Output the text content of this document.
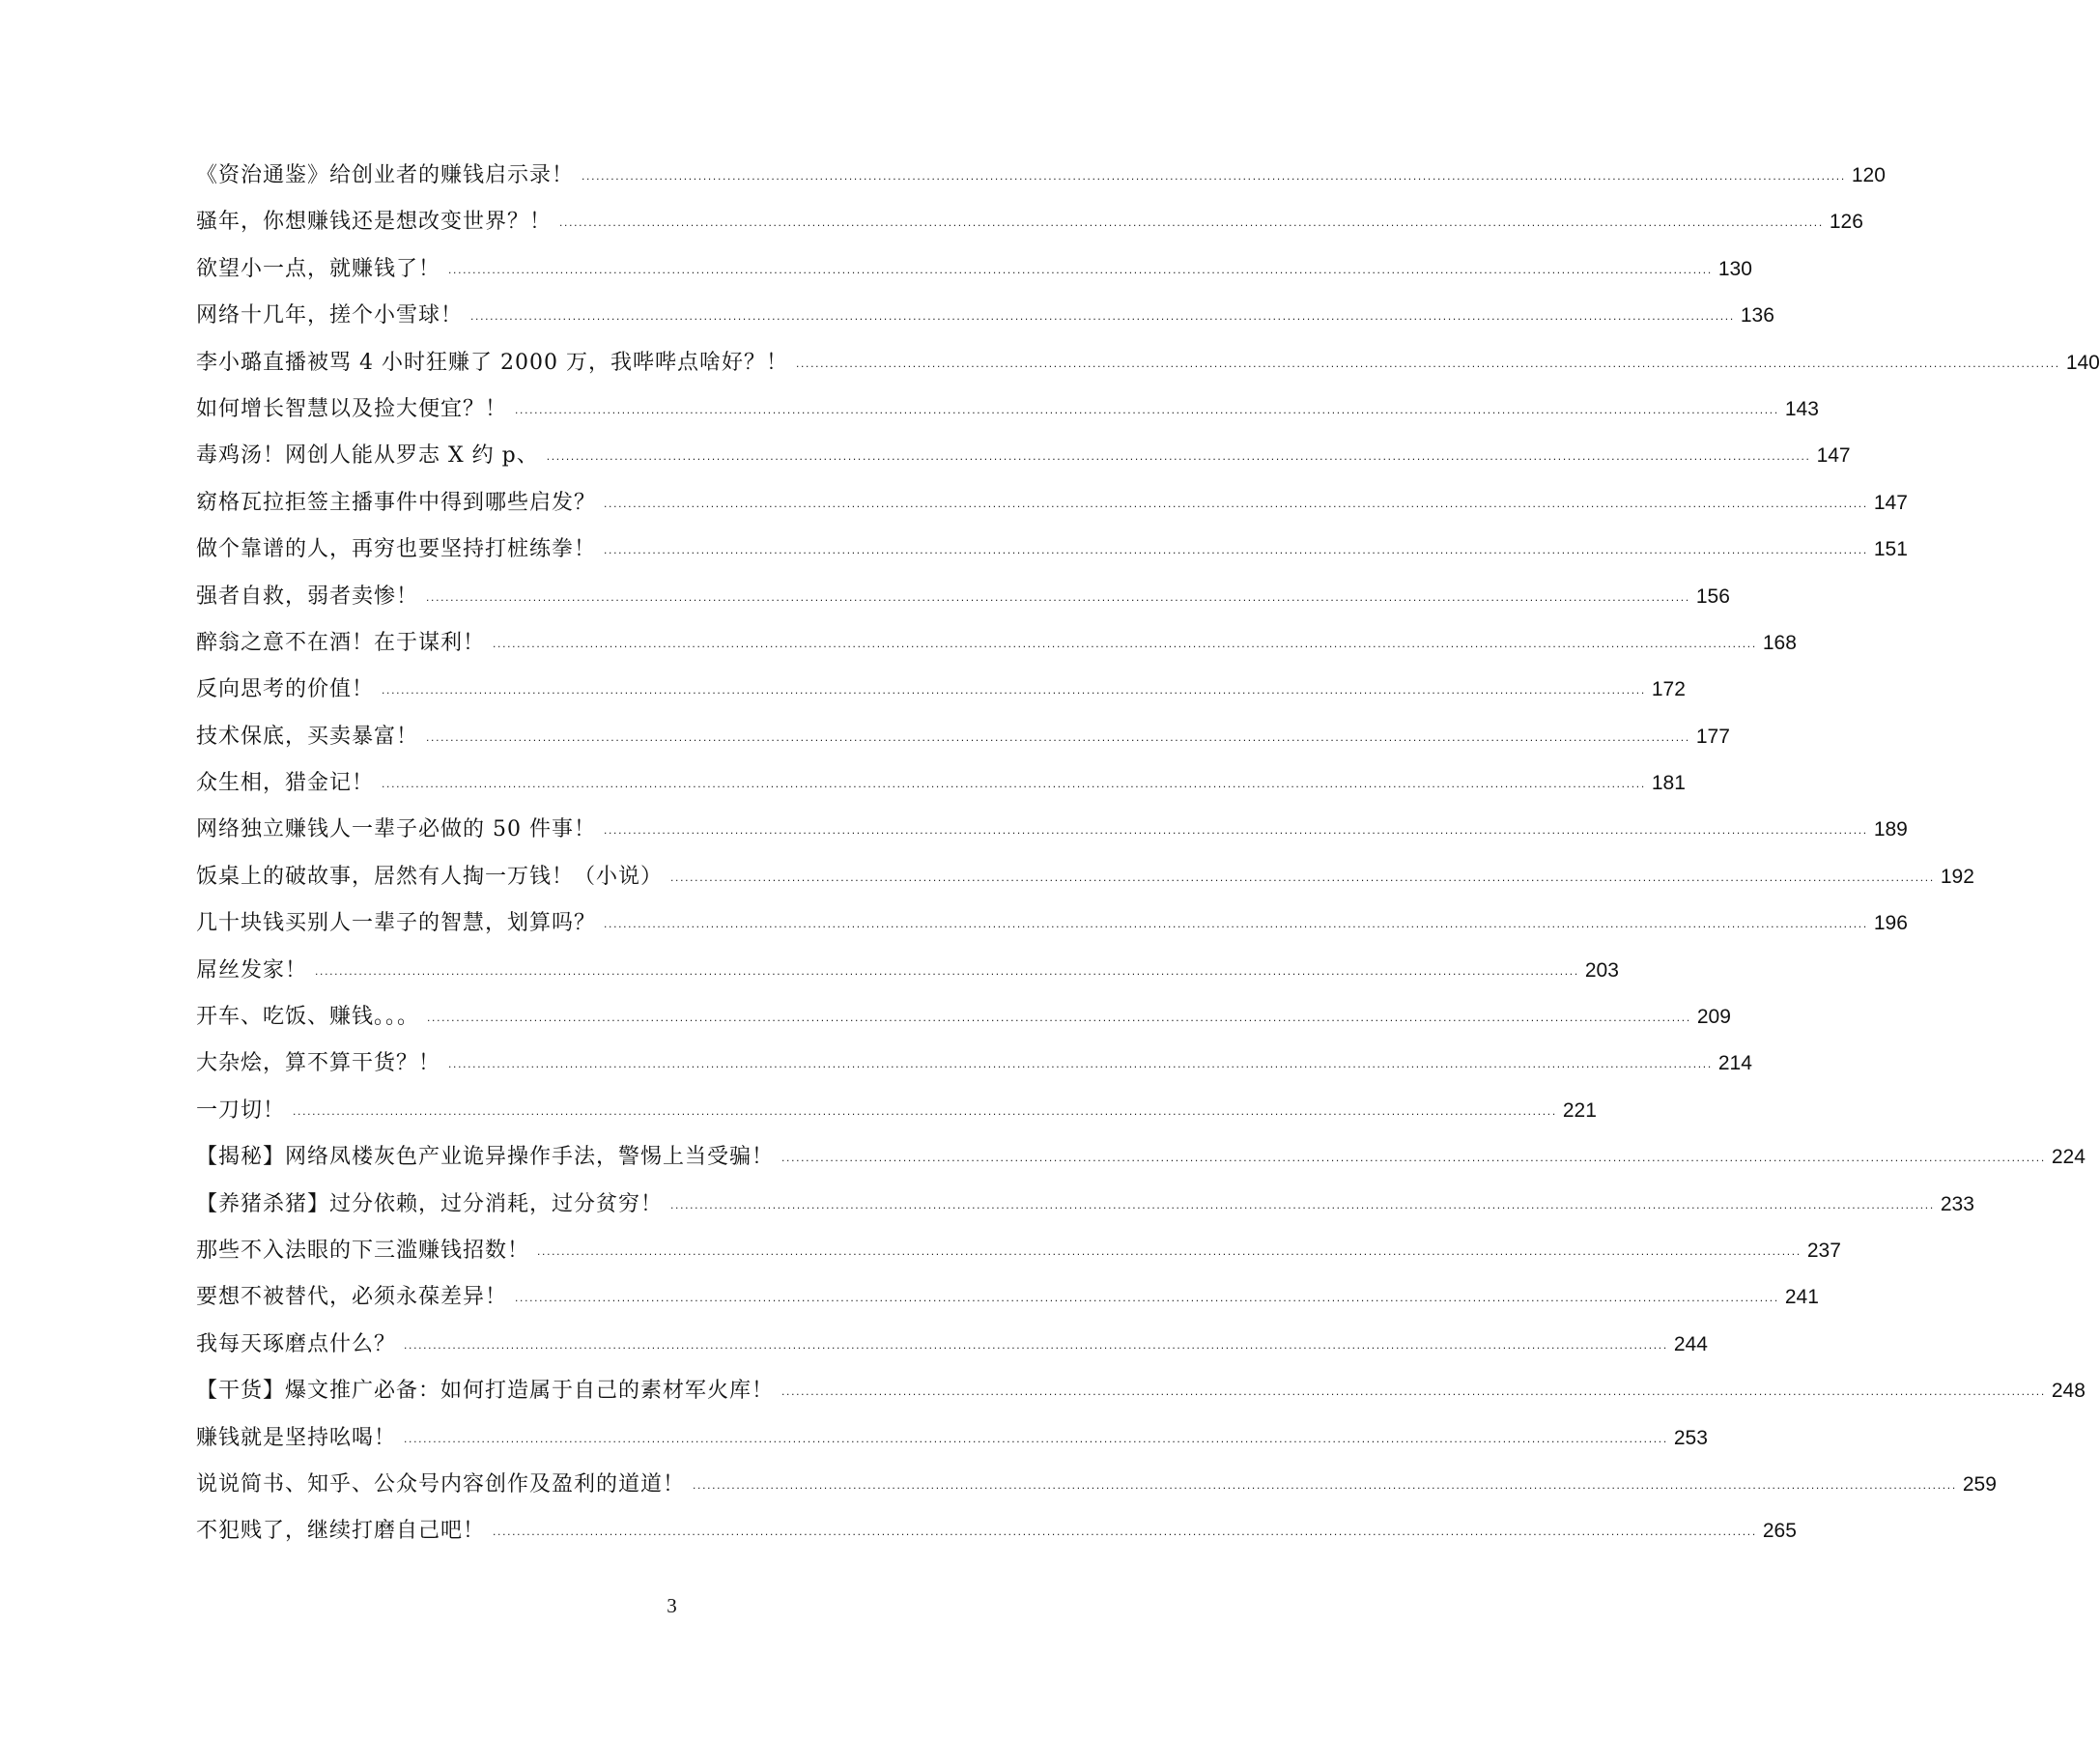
《资治通鉴》给创业者的赚钱启示录！ .................................................................................................................................................................................................................................................................... 120
骚年，你想赚钱还是想改变世界？！ .................................................................................................................................................................................................................................................................... 126
欲望小一点，就赚钱了！ .................................................................................................................................................................................................................................................................... 130
网络十几年，搓个小雪球！ .................................................................................................................................................................................................................................................................... 136
李小璐直播被骂 4 小时狂赚了 2000 万，我哔哔点啥好？！ .................................................................................................................................................................................................................................................................... 140
如何增长智慧以及捡大便宜？！ .................................................................................................................................................................................................................................................................... 143
毒鸡汤！网创人能从罗志 X 约 p、 .................................................................................................................................................................................................................................................................... 147
窈格瓦拉拒签主播事件中得到哪些启发？ .................................................................................................................................................................................................................................................................... 147
做个靠谱的人，再穷也要坚持打桩练拳！ .................................................................................................................................................................................................................................................................... 151
强者自救，弱者卖惨！ .................................................................................................................................................................................................................................................................... 156
醉翁之意不在酒！在于谋利！ .................................................................................................................................................................................................................................................................... 168
反向思考的价值！ .................................................................................................................................................................................................................................................................... 172
技术保底，买卖暴富！ .................................................................................................................................................................................................................................................................... 177
众生相，猎金记！ .................................................................................................................................................................................................................................................................... 181
网络独立赚钱人一辈子必做的 50 件事！ .................................................................................................................................................................................................................................................................... 189
饭桌上的破故事，居然有人掏一万钱！（小说） .................................................................................................................................................................................................................................................................... 192
几十块钱买别人一辈子的智慧，划算吗？ .................................................................................................................................................................................................................................................................... 196
屌丝发家！ .................................................................................................................................................................................................................................................................... 203
开车、吃饭、赚钱。。。 .................................................................................................................................................................................................................................................................... 209
大杂烩，算不算干货？！ .................................................................................................................................................................................................................................................................... 214
一刀切！ .................................................................................................................................................................................................................................................................... 221
【揭秘】网络凤楼灰色产业诡异操作手法，警惕上当受骗！ .................................................................................................................................................................................................................................................................... 224
【养猪杀猪】过分依赖，过分消耗，过分贫穷！ .................................................................................................................................................................................................................................................................... 233
那些不入法眼的下三滥赚钱招数！ .................................................................................................................................................................................................................................................................... 237
要想不被替代，必须永葆差异！ .................................................................................................................................................................................................................................................................... 241
我每天琢磨点什么？ .................................................................................................................................................................................................................................................................... 244
【干货】爆文推广必备：如何打造属于自己的素材军火库！ .................................................................................................................................................................................................................................................................... 248
赚钱就是坚持吆喝！ .................................................................................................................................................................................................................................................................... 253
说说简书、知乎、公众号内容创作及盈利的道道！ .................................................................................................................................................................................................................................................................... 259
不犯贱了，继续打磨自己吧！ .................................................................................................................................................................................................................................................................... 265
3
